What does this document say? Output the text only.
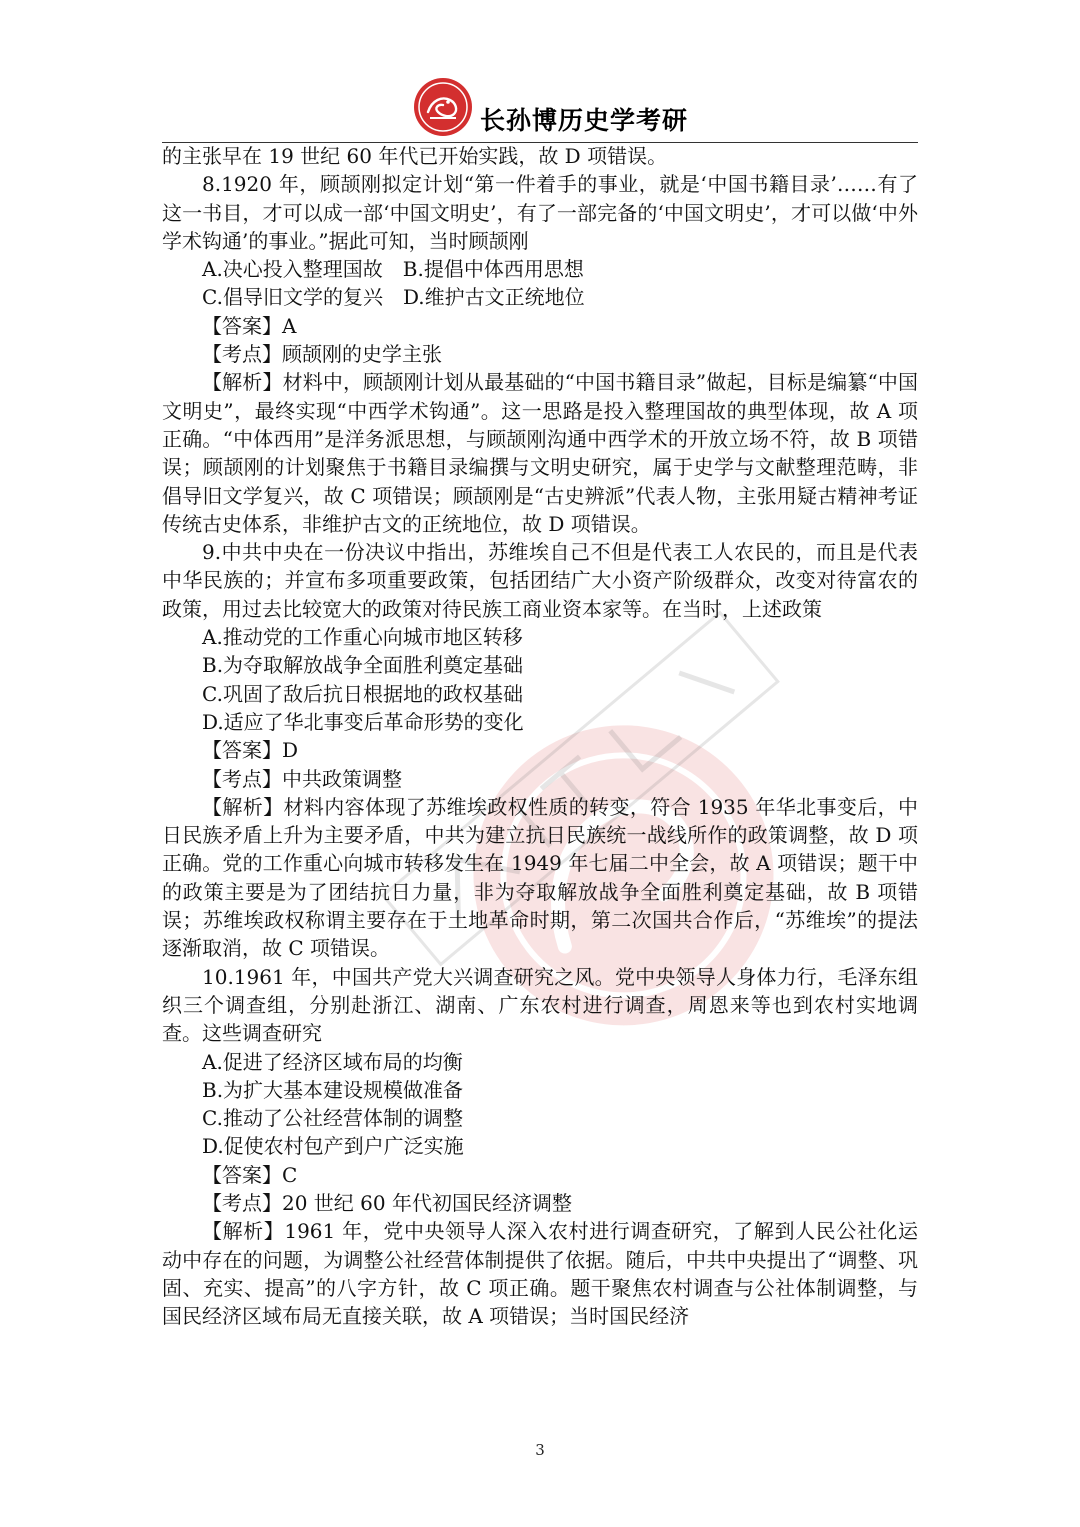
长孙博历史学考研

的主张早在 19 世纪 60 年代已开始实践，故 D 项错误。

8.1920 年，顾颉刚拟定计划“第一件着手的事业，就是‘中国书籍目录’……有了这一书目，才可以成一部‘中国文明史’，有了一部完备的‘中国文明史’，才可以做‘中外学术钩通’的事业。”据此可知，当时顾颉刚

A.决心投入整理国故　B.提倡中体西用思想

C.倡导旧文学的复兴　D.维护古文正统地位

【答案】A

【考点】顾颉刚的史学主张

【解析】材料中，顾颉刚计划从最基础的“中国书籍目录”做起，目标是编纂“中国文明史”，最终实现“中西学术钩通”。这一思路是投入整理国故的典型体现，故 A 项正确。“中体西用”是洋务派思想，与顾颉刚沟通中西学术的开放立场不符，故 B 项错误；顾颉刚的计划聚焦于书籍目录编撰与文明史研究，属于史学与文献整理范畴，非倡导旧文学复兴，故 C 项错误；顾颉刚是“古史辨派”代表人物，主张用疑古精神考证传统古史体系，非维护古文的正统地位，故 D 项错误。

9.中共中央在一份决议中指出，苏维埃自己不但是代表工人农民的，而且是代表中华民族的；并宣布多项重要政策，包括团结广大小资产阶级群众，改变对待富农的政策，用过去比较宽大的政策对待民族工商业资本家等。在当时，上述政策

A.推动党的工作重心向城市地区转移

B.为夺取解放战争全面胜利奠定基础

C.巩固了敌后抗日根据地的政权基础

D.适应了华北事变后革命形势的变化

【答案】D

【考点】中共政策调整

【解析】材料内容体现了苏维埃政权性质的转变，符合 1935 年华北事变后，中日民族矛盾上升为主要矛盾，中共为建立抗日民族统一战线所作的政策调整，故 D 项正确。党的工作重心向城市转移发生在 1949 年七届二中全会，故 A 项错误；题干中的政策主要是为了团结抗日力量，非为夺取解放战争全面胜利奠定基础，故 B 项错误；苏维埃政权称谓主要存在于土地革命时期，第二次国共合作后，“苏维埃”的提法逐渐取消，故 C 项错误。

10.1961 年，中国共产党大兴调查研究之风。党中央领导人身体力行，毛泽东组织三个调查组，分别赴浙江、湖南、广东农村进行调查，周恩来等也到农村实地调查。这些调查研究

A.促进了经济区域布局的均衡

B.为扩大基本建设规模做准备

C.推动了公社经营体制的调整

D.促使农村包产到户广泛实施

【答案】C

【考点】20 世纪 60 年代初国民经济调整

【解析】1961 年，党中央领导人深入农村进行调查研究，了解到人民公社化运动中存在的问题，为调整公社经营体制提供了依据。随后，中共中央提出了“调整、巩固、充实、提高”的八字方针，故 C 项正确。题干聚焦农村调查与公社体制调整，与国民经济区域布局无直接关联，故 A 项错误；当时国民经济

3
